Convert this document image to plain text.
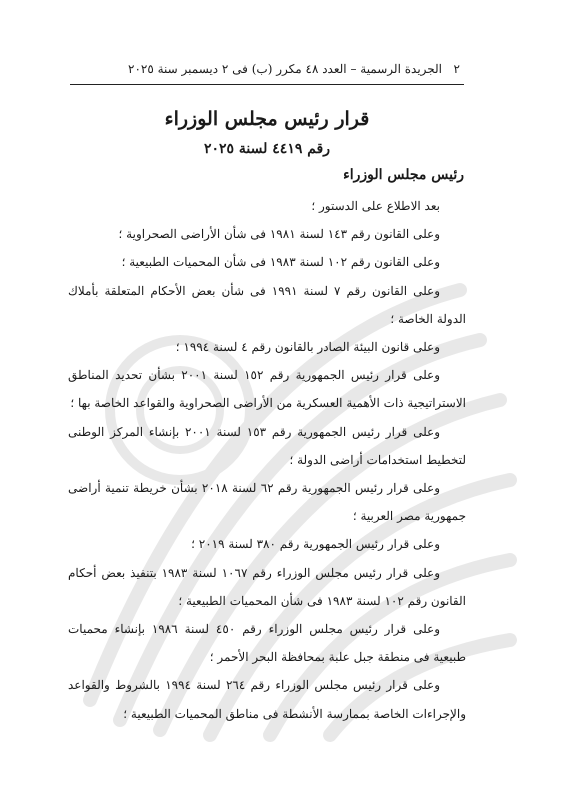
٢
الجريدة الرسمية – العدد ٤٨ مكرر (ب) فى ٢ ديسمبر سنة ٢٠٢٥
قرار رئيس مجلس الوزراء
رقم ٤٤١٩ لسنة ٢٠٢٥
رئيس مجلس الوزراء

بعد الاطلاع على الدستور ؛

وعلى القانون رقم ١٤٣ لسنة ١٩٨١ فى شأن الأراضى الصحراوية ؛

وعلى القانون رقم ١٠٢ لسنة ١٩٨٣ فى شأن المحميات الطبيعية ؛

وعلى القانون رقم ٧ لسنة ١٩٩١ فى شأن بعض الأحكام المتعلقة بأملاك الدولة الخاصة ؛

وعلى قانون البيئة الصادر بالقانون رقم ٤ لسنة ١٩٩٤ ؛

وعلى قرار رئيس الجمهورية رقم ١٥٢ لسنة ٢٠٠١ بشأن تحديد المناطق الاستراتيجية ذات الأهمية العسكرية من الأراضى الصحراوية والقواعد الخاصة بها ؛

وعلى قرار رئيس الجمهورية رقم ١٥٣ لسنة ٢٠٠١ بإنشاء المركز الوطنى لتخطيط استخدامات أراضى الدولة ؛

وعلى قرار رئيس الجمهورية رقم ٦٢ لسنة ٢٠١٨ بشأن خريطة تنمية أراضى جمهورية مصر العربية ؛

وعلى قرار رئيس الجمهورية رقم ٣٨٠ لسنة ٢٠١٩ ؛

وعلى قرار رئيس مجلس الوزراء رقم ١٠٦٧ لسنة ١٩٨٣ بتنفيذ بعض أحكام القانون رقم ١٠٢ لسنة ١٩٨٣ فى شأن المحميات الطبيعية ؛

وعلى قرار رئيس مجلس الوزراء رقم ٤٥٠ لسنة ١٩٨٦ بإنشاء محميات طبيعية فى منطقة جبل علبة بمحافظة البحر الأحمر ؛

وعلى قرار رئيس مجلس الوزراء رقم ٢٦٤ لسنة ١٩٩٤ بالشروط والقواعد والإجراءات الخاصة بممارسة الأنشطة فى مناطق المحميات الطبيعية ؛
